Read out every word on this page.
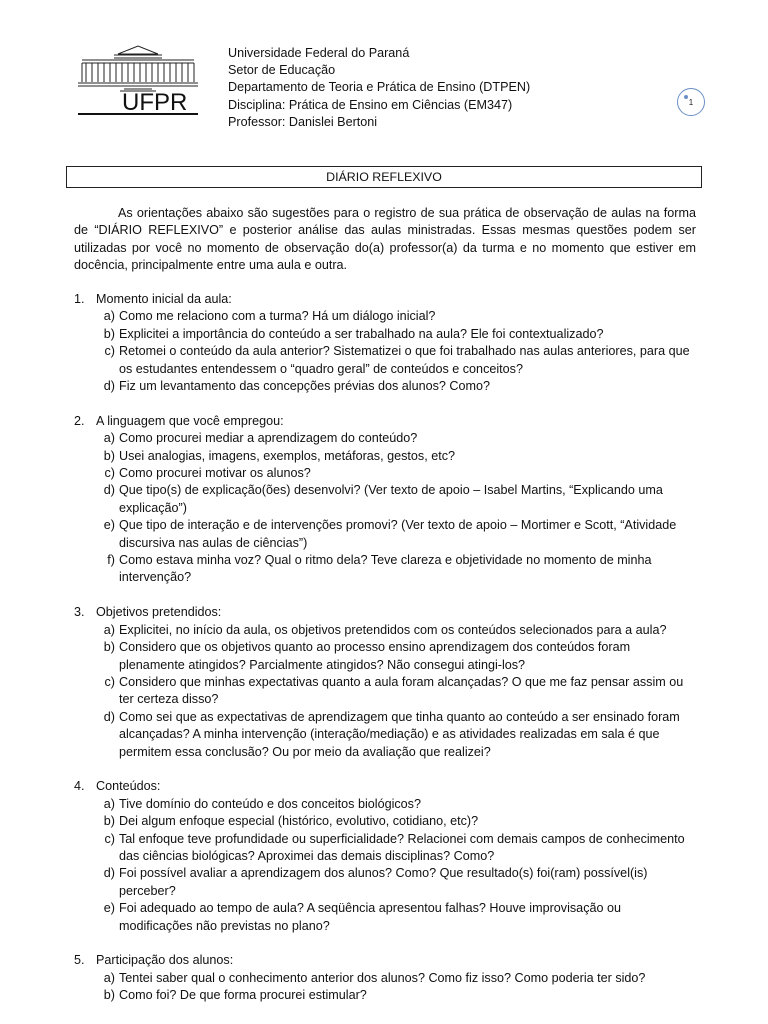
UFPR
Universidade Federal do Paraná
Setor de Educação
Departamento de Teoria e Prática de Ensino (DTPEN)
Disciplina: Prática de Ensino em Ciências (EM347)
Professor: Danislei Bertoni
1
DIÁRIO REFLEXIVO

As orientações abaixo são sugestões para o registro de sua prática de observação de aulas na forma de “DIÁRIO REFLEXIVO” e posterior análise das aulas ministradas. Essas mesmas questões podem ser utilizadas por você no momento de observação do(a) professor(a) da turma e no momento que estiver em docência, principalmente entre uma aula e outra.

1. Momento inicial da aula:
a) Como me relaciono com a turma? Há um diálogo inicial?
b) Explicitei a importância do conteúdo a ser trabalhado na aula? Ele foi contextualizado?
c) Retomei o conteúdo da aula anterior? Sistematizei o que foi trabalhado nas aulas anteriores, para que os estudantes entendessem o “quadro geral” de conteúdos e conceitos?
d) Fiz um levantamento das concepções prévias dos alunos? Como?
2. A linguagem que você empregou:
a) Como procurei mediar a aprendizagem do conteúdo?
b) Usei analogias, imagens, exemplos, metáforas, gestos, etc?
c) Como procurei motivar os alunos?
d) Que tipo(s) de explicação(ões) desenvolvi? (Ver texto de apoio – Isabel Martins, “Explicando uma explicação”)
e) Que tipo de interação e de intervenções promovi? (Ver texto de apoio – Mortimer e Scott, “Atividade discursiva nas aulas de ciências”)
f) Como estava minha voz? Qual o ritmo dela? Teve clareza e objetividade no momento de minha intervenção?
3. Objetivos pretendidos:
a) Explicitei, no início da aula, os objetivos pretendidos com os conteúdos selecionados para a aula?
b) Considero que os objetivos quanto ao processo ensino aprendizagem dos conteúdos foram plenamente atingidos? Parcialmente atingidos? Não consegui atingi-los?
c) Considero que minhas expectativas quanto a aula foram alcançadas? O que me faz pensar assim ou ter certeza disso?
d) Como sei que as expectativas de aprendizagem que tinha quanto ao conteúdo a ser ensinado foram alcançadas? A minha intervenção (interação/mediação) e as atividades realizadas em sala é que permitem essa conclusão? Ou por meio da avaliação que realizei?
4. Conteúdos:
a) Tive domínio do conteúdo e dos conceitos biológicos?
b) Dei algum enfoque especial (histórico, evolutivo, cotidiano, etc)?
c) Tal enfoque teve profundidade ou superficialidade? Relacionei com demais campos de conhecimento das ciências biológicas? Aproximei das demais disciplinas? Como?
d) Foi possível avaliar a aprendizagem dos alunos? Como? Que resultado(s) foi(ram) possível(is) perceber?
e) Foi adequado ao tempo de aula? A seqüência apresentou falhas? Houve improvisação ou modificações não previstas no plano?
5. Participação dos alunos:
a) Tentei saber qual o conhecimento anterior dos alunos? Como fiz isso? Como poderia ter sido?
b) Como foi? De que forma procurei estimular?
